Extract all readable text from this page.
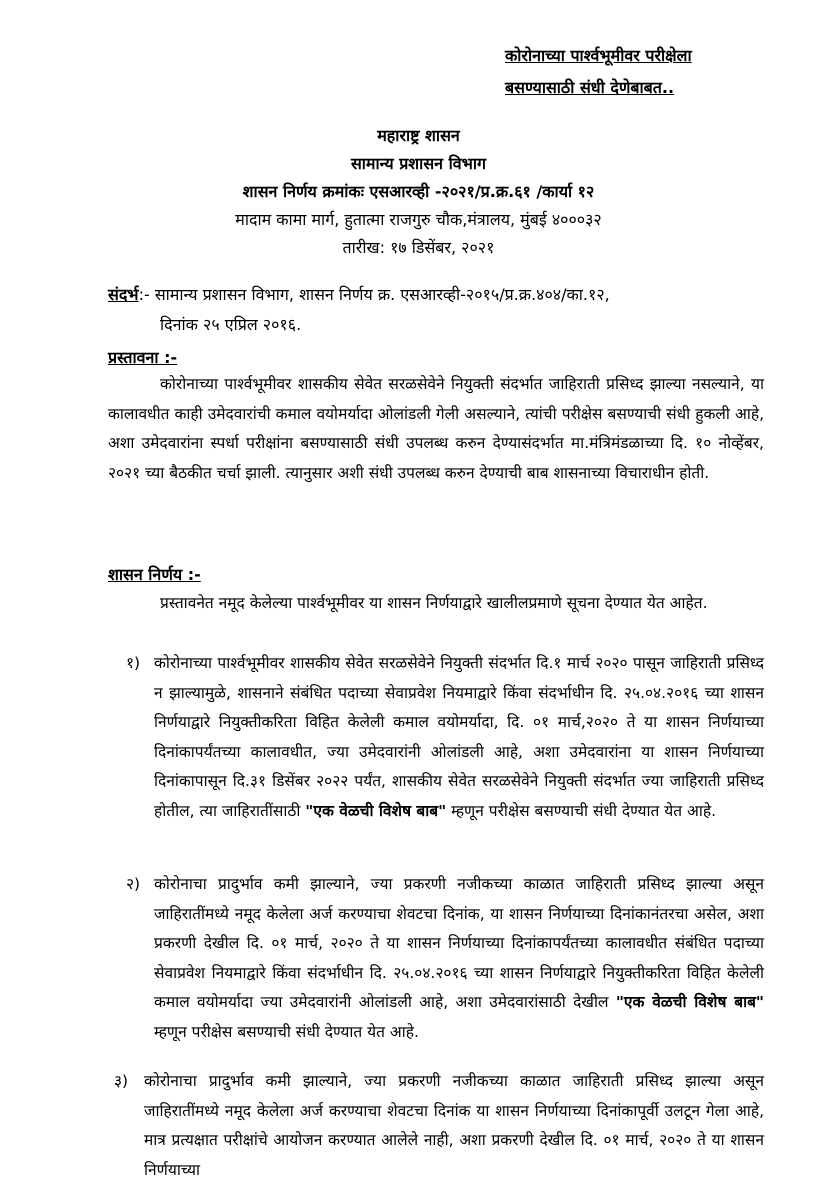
कोरोनाच्या पार्श्वभूमीवर परीक्षेला
बसण्यासाठी संधी देणेबाबत..
महाराष्ट्र शासन
सामान्य प्रशासन विभाग
शासन निर्णय क्रमांकः एसआरव्ही -२०२१/प्र.क्र.६१ /कार्या १२
मादाम कामा मार्ग, हुतात्मा राजगुरु चौक,मंत्रालय, मुंबई ४०००३२
तारीख: १७ डिसेंबर, २०२१
संदर्भ:- सामान्य प्रशासन विभाग, शासन निर्णय क्र. एसआरव्ही-२०१५/प्र.क्र.४०४/का.१२,
दिनांक २५ एप्रिल २०१६.
प्रस्तावना :-
कोरोनाच्या पार्श्वभूमीवर शासकीय सेवेत सरळसेवेने नियुक्ती संदर्भात जाहिराती प्रसिध्द झाल्या नसल्याने, या कालावधीत काही उमेदवारांची कमाल वयोमर्यादा ओलांडली गेली असल्याने, त्यांची परीक्षेस बसण्याची संधी हुकली आहे, अशा उमेदवारांना स्पर्धा परीक्षांना बसण्यासाठी संधी उपलब्ध करुन देण्यासंदर्भात मा.मंत्रिमंडळाच्या दि. १० नोव्हेंबर, २०२१ च्या बैठकीत चर्चा झाली. त्यानुसार अशी संधी उपलब्ध करुन देण्याची बाब शासनाच्या विचाराधीन होती.
शासन निर्णय :-
प्रस्तावनेत नमूद केलेल्या पार्श्वभूमीवर या शासन निर्णयाद्वारे खालीलप्रमाणे सूचना देण्यात येत आहेत.
१) कोरोनाच्या पार्श्वभूमीवर शासकीय सेवेत सरळसेवेने नियुक्ती संदर्भात दि.१ मार्च २०२० पासून जाहिराती प्रसिध्द न झाल्यामुळे, शासनाने संबंधित पदाच्या सेवाप्रवेश नियमाद्वारे किंवा संदर्भाधीन दि. २५.०४.२०१६ च्या शासन निर्णयाद्वारे नियुक्तीकरिता विहित केलेली कमाल वयोमर्यादा, दि. ०१ मार्च,२०२० ते या शासन निर्णयाच्या दिनांकापर्यंतच्या कालावधीत, ज्या उमेदवारांनी ओलांडली आहे, अशा उमेदवारांना या शासन निर्णयाच्या दिनांकापासून दि.३१ डिसेंबर २०२२ पर्यंत, शासकीय सेवेत सरळसेवेने नियुक्ती संदर्भात ज्या जाहिराती प्रसिध्द होतील, त्या जाहिरातींसाठी "एक वेळची विशेष बाब" म्हणून परीक्षेस बसण्याची संधी देण्यात येत आहे.
२) कोरोनाचा प्रादुर्भाव कमी झाल्याने, ज्या प्रकरणी नजीकच्या काळात जाहिराती प्रसिध्द झाल्या असून जाहिरातींमध्ये नमूद केलेला अर्ज करण्याचा शेवटचा दिनांक, या शासन निर्णयाच्या दिनांकानंतरचा असेल, अशा प्रकरणी देखील दि. ०१ मार्च, २०२० ते या शासन निर्णयाच्या दिनांकापर्यंतच्या कालावधीत संबंधित पदाच्या सेवाप्रवेश नियमाद्वारे किंवा संदर्भाधीन दि. २५.०४.२०१६ च्या शासन निर्णयाद्वारे नियुक्तीकरिता विहित केलेली कमाल वयोमर्यादा ज्या उमेदवारांनी ओलांडली आहे, अशा उमेदवारांसाठी देखील "एक वेळची विशेष बाब" म्हणून परीक्षेस बसण्याची संधी देण्यात येत आहे.
३)	कोरोनाचा प्रादुर्भाव कमी झाल्याने, ज्या प्रकरणी नजीकच्या काळात जाहिराती प्रसिध्द झाल्या असून जाहिरातींमध्ये नमूद केलेला अर्ज करण्याचा शेवटचा दिनांक या शासन निर्णयाच्या दिनांकापूर्वी उलटून गेला आहे, मात्र प्रत्यक्षात परीक्षांचे आयोजन करण्यात आलेले नाही, अशा प्रकरणी देखील दि. ०१ मार्च, २०२० ते या शासन निर्णयाच्या
